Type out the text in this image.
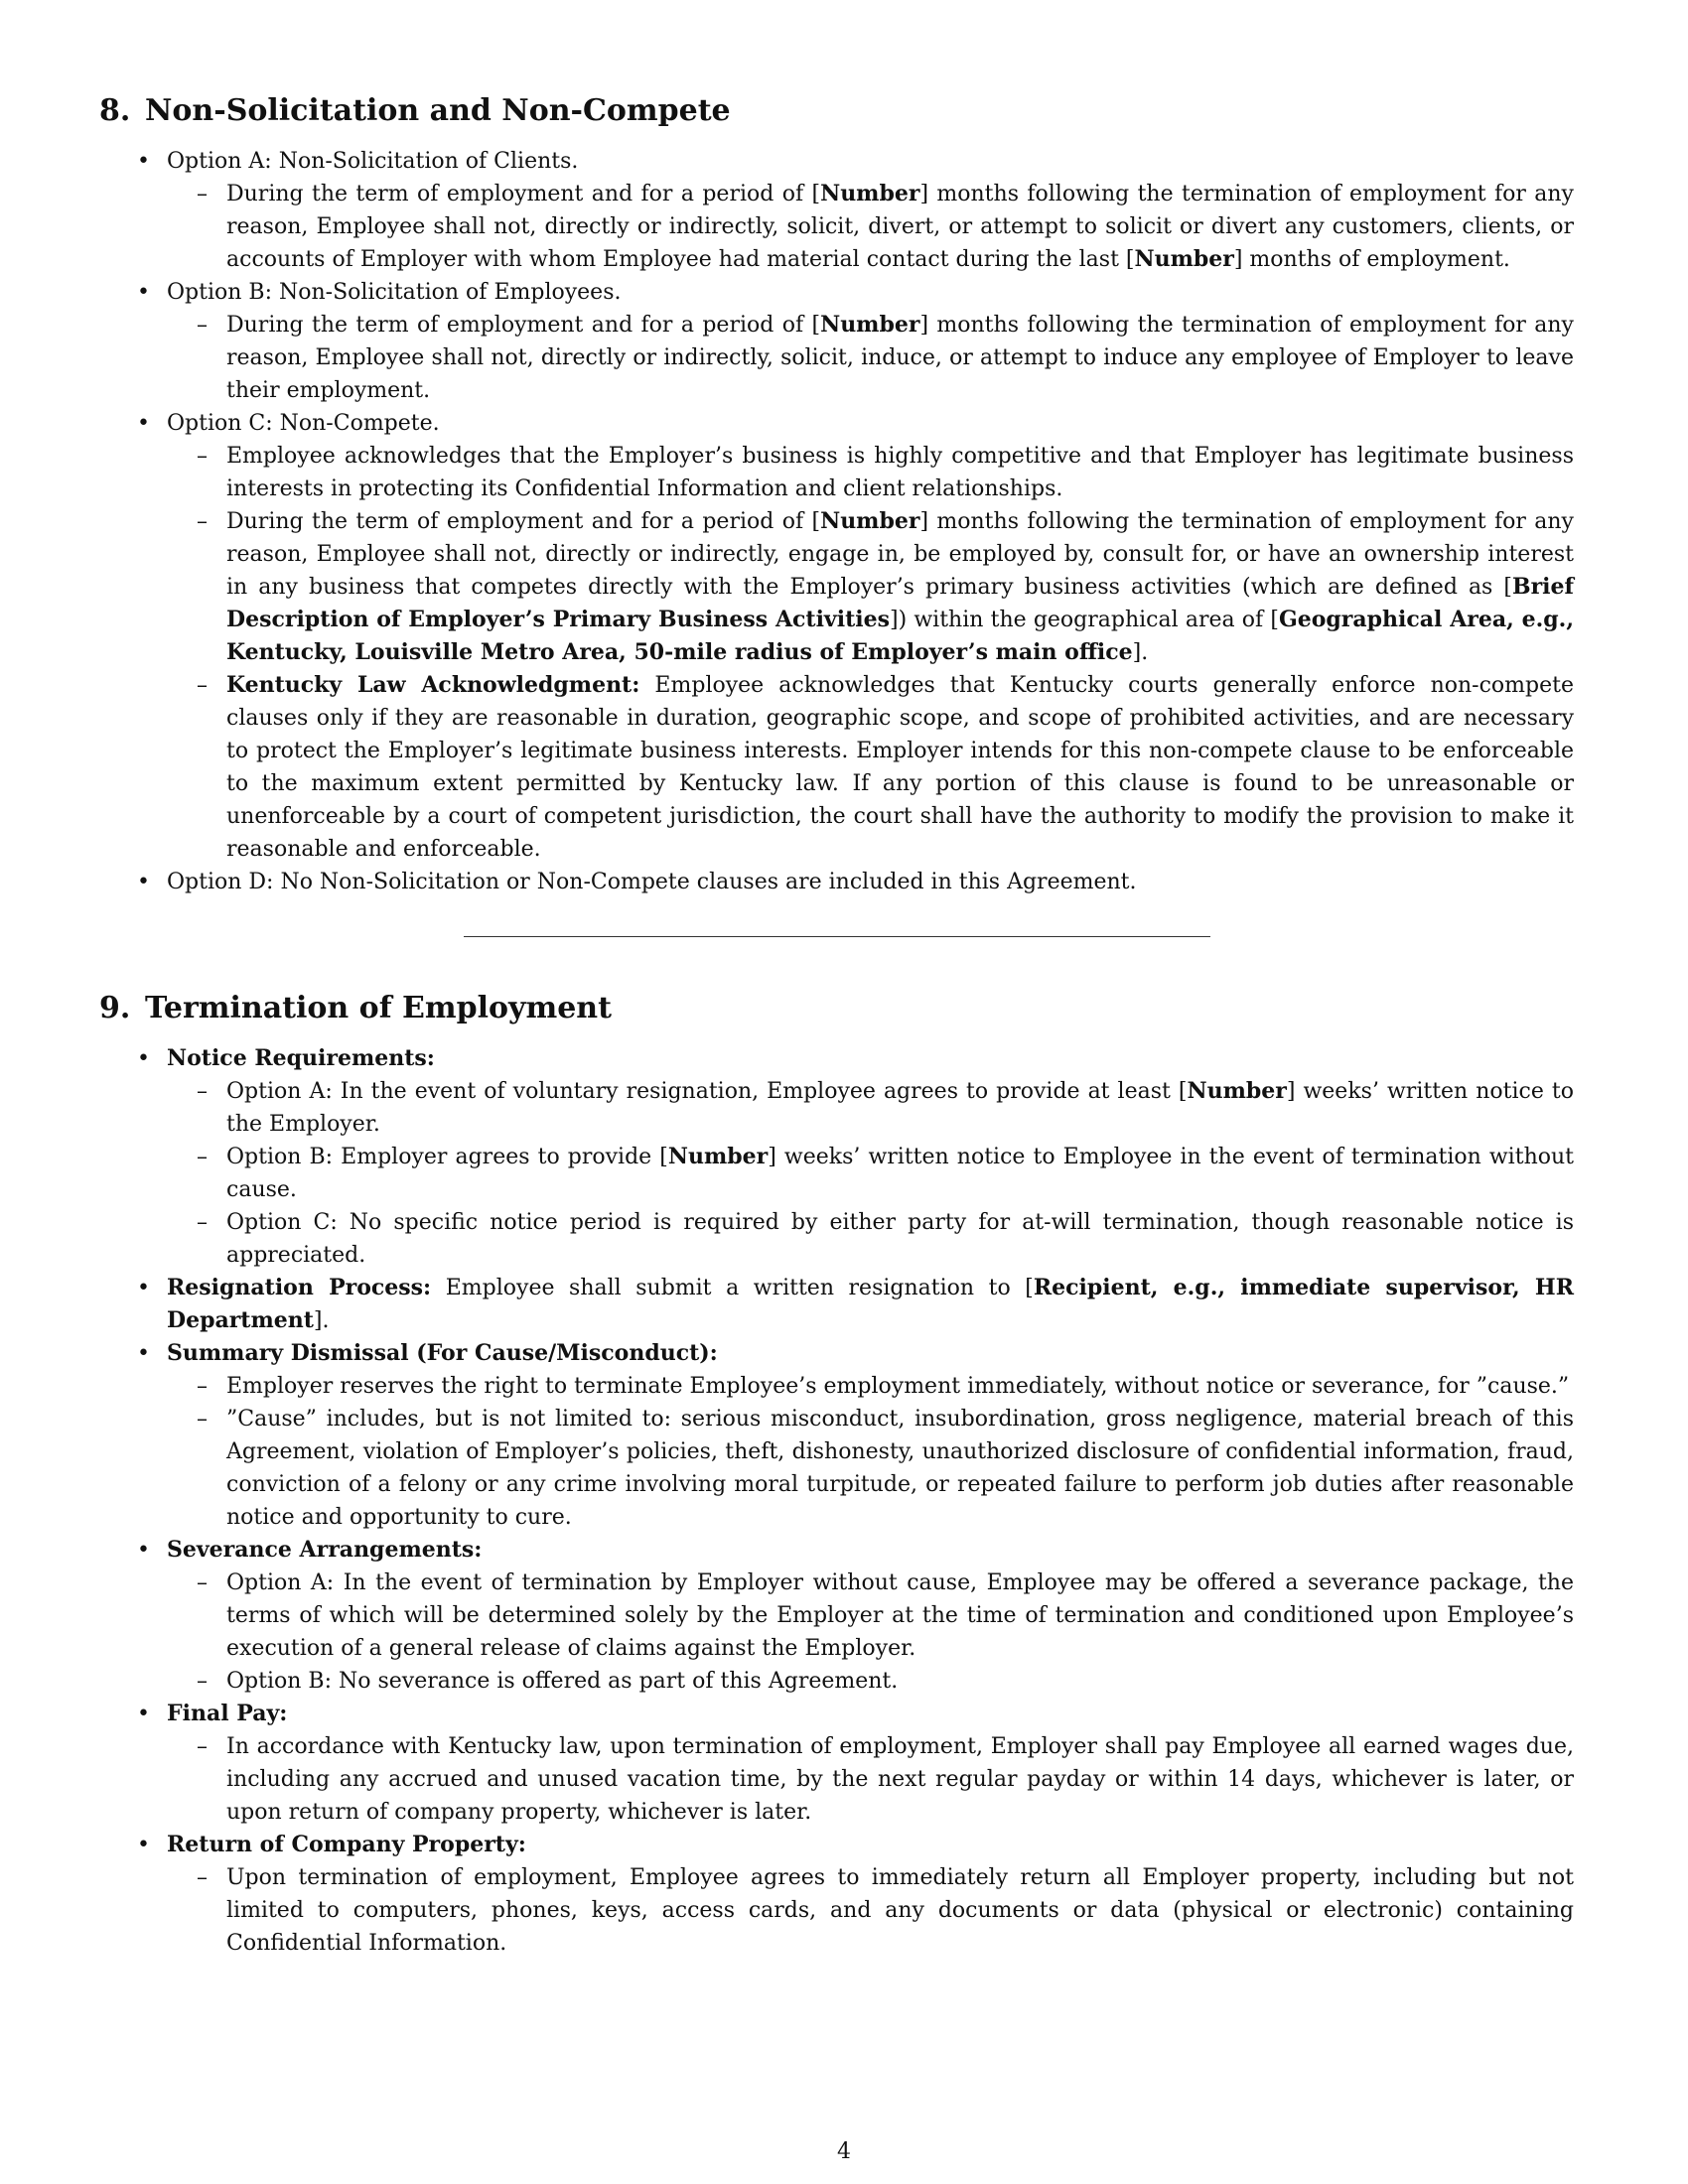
8. Non-Solicitation and Non-Compete
• Option A: Non-Solicitation of Clients.
– During the term of employment and for a period of [Number] months following the termination of employment for any reason, Employee shall not, directly or indirectly, solicit, divert, or attempt to solicit or divert any customers, clients, or accounts of Employer with whom Employee had material contact during the last [Number] months of employment.
• Option B: Non-Solicitation of Employees.
– During the term of employment and for a period of [Number] months following the termination of employment for any reason, Employee shall not, directly or indirectly, solicit, induce, or attempt to induce any employee of Employer to leave their employment.
• Option C: Non-Compete.
– Employee acknowledges that the Employer’s business is highly competitive and that Employer has legitimate business interests in protecting its Confidential Information and client relationships.
– During the term of employment and for a period of [Number] months following the termination of employment for any reason, Employee shall not, directly or indirectly, engage in, be employed by, consult for, or have an ownership interest in any business that competes directly with the Employer’s primary business activities (which are defined as [Brief Description of Employer’s Primary Business Activities]) within the geographical area of [Geographical Area, e.g., Kentucky, Louisville Metro Area, 50-mile radius of Employer’s main office].
– Kentucky Law Acknowledgment: Employee acknowledges that Kentucky courts generally enforce non-compete clauses only if they are reasonable in duration, geographic scope, and scope of prohibited activities, and are necessary to protect the Employer’s legitimate business interests. Employer intends for this non-compete clause to be enforceable to the maximum extent permitted by Kentucky law. If any portion of this clause is found to be unreasonable or unenforceable by a court of competent jurisdiction, the court shall have the authority to modify the provision to make it reasonable and enforceable.
• Option D: No Non-Solicitation or Non-Compete clauses are included in this Agreement.
9. Termination of Employment
• Notice Requirements:
– Option A: In the event of voluntary resignation, Employee agrees to provide at least [Number] weeks’ written notice to the Employer.
– Option B: Employer agrees to provide [Number] weeks’ written notice to Employee in the event of termination without cause.
– Option C: No specific notice period is required by either party for at-will termination, though reasonable notice is appreciated.
• Resignation Process: Employee shall submit a written resignation to [Recipient, e.g., immediate supervisor, HR Department].
• Summary Dismissal (For Cause/Misconduct):
– Employer reserves the right to terminate Employee’s employment immediately, without notice or severance, for ”cause.”
– ”Cause” includes, but is not limited to: serious misconduct, insubordination, gross negligence, material breach of this Agreement, violation of Employer’s policies, theft, dishonesty, unauthorized disclosure of confidential information, fraud, conviction of a felony or any crime involving moral turpitude, or repeated failure to perform job duties after reasonable notice and opportunity to cure.
• Severance Arrangements:
– Option A: In the event of termination by Employer without cause, Employee may be offered a severance package, the terms of which will be determined solely by the Employer at the time of termination and conditioned upon Employee’s execution of a general release of claims against the Employer.
– Option B: No severance is offered as part of this Agreement.
• Final Pay:
– In accordance with Kentucky law, upon termination of employment, Employer shall pay Employee all earned wages due, including any accrued and unused vacation time, by the next regular payday or within 14 days, whichever is later, or upon return of company property, whichever is later.
• Return of Company Property:
– Upon termination of employment, Employee agrees to immediately return all Employer property, including but not limited to computers, phones, keys, access cards, and any documents or data (physical or electronic) containing Confidential Information.
4
